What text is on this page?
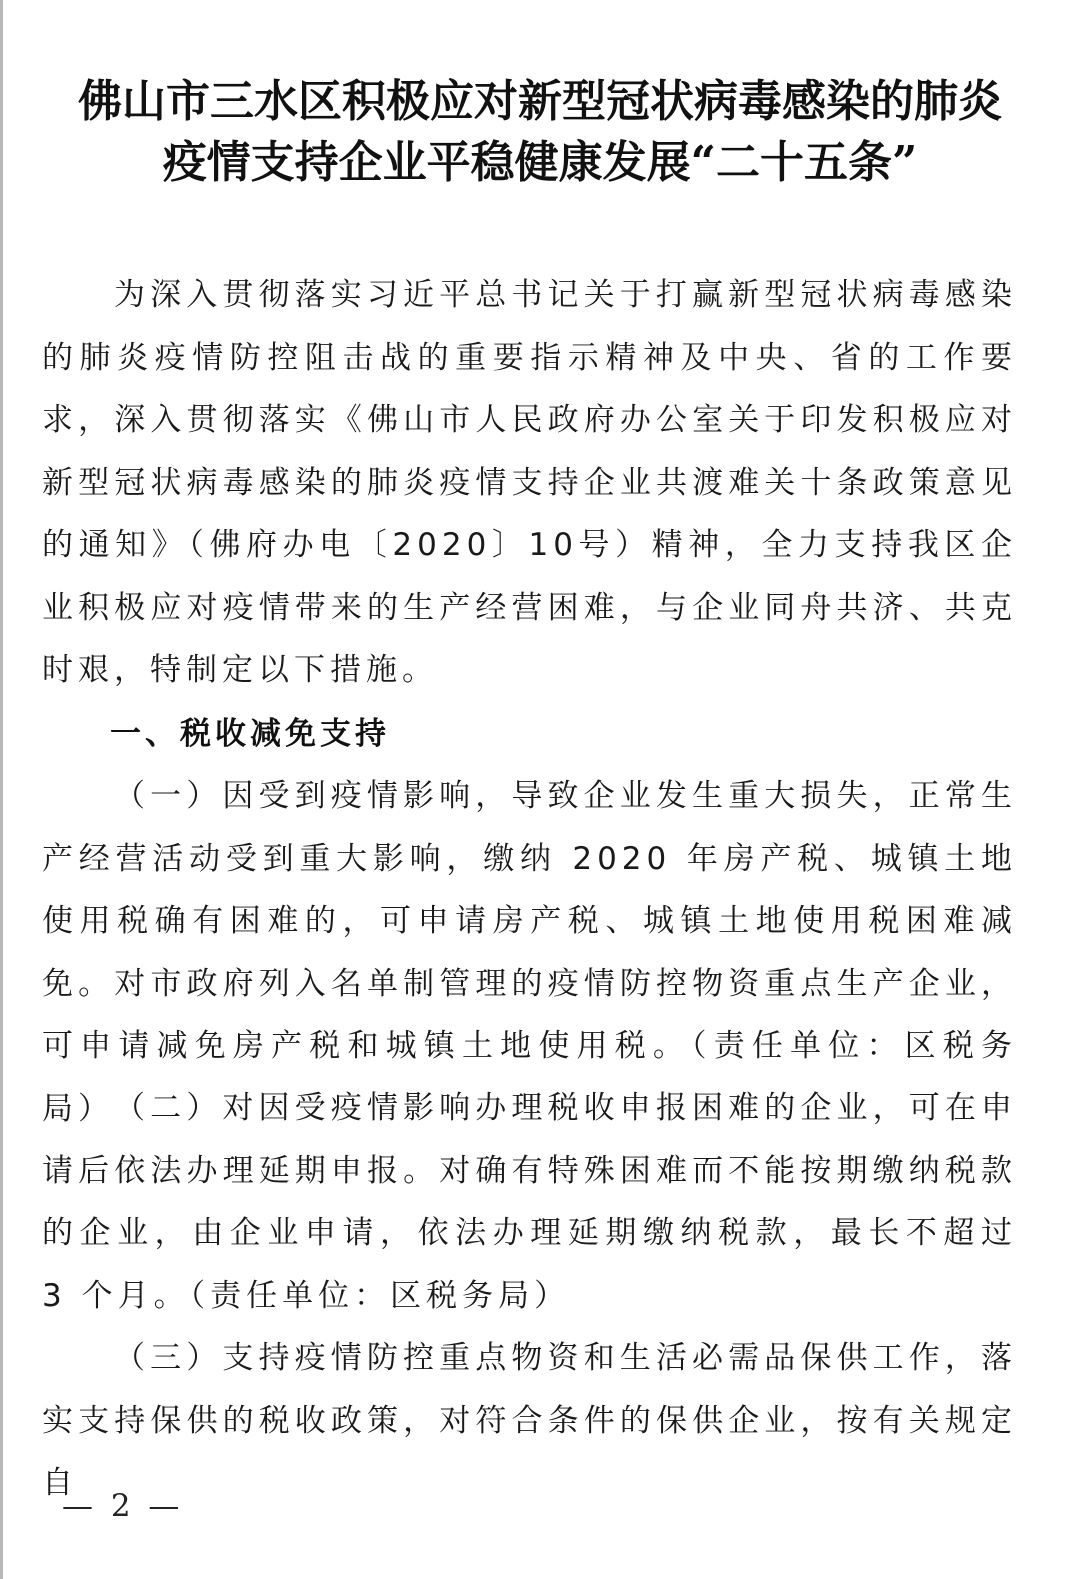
佛山市三水区积极应对新型冠状病毒感染的肺炎
疫情支持企业平稳健康发展“二十五条”

为深入贯彻落实习近平总书记关于打赢新型冠状病毒感染的肺炎疫情防控阻击战的重要指示精神及中央、省的工作要求，深入贯彻落实《佛山市人民政府办公室关于印发积极应对新型冠状病毒感染的肺炎疫情支持企业共渡难关十条政策意见的通知》（佛府办电〔2020〕10号）精神，全力支持我区企业积极应对疫情带来的生产经营困难，与企业同舟共济、共克时艰，特制定以下措施。

一、税收减免支持

（一）因受到疫情影响，导致企业发生重大损失，正常生产经营活动受到重大影响，缴纳 2020 年房产税、城镇土地使用税确有困难的，可申请房产税、城镇土地使用税困难减免。对市政府列入名单制管理的疫情防控物资重点生产企业，可申请减免房产税和城镇土地使用税。（责任单位：区税务局） （二）对因受疫情影响办理税收申报困难的企业，可在申请后依法办理延期申报。对确有特殊困难而不能按期缴纳税款的企业，由企业申请，依法办理延期缴纳税款，最长不超过 3 个月。（责任单位：区税务局）

（三）支持疫情防控重点物资和生活必需品保供工作，落实支持保供的税收政策，对符合条件的保供企业，按有关规定自

— 2 —
